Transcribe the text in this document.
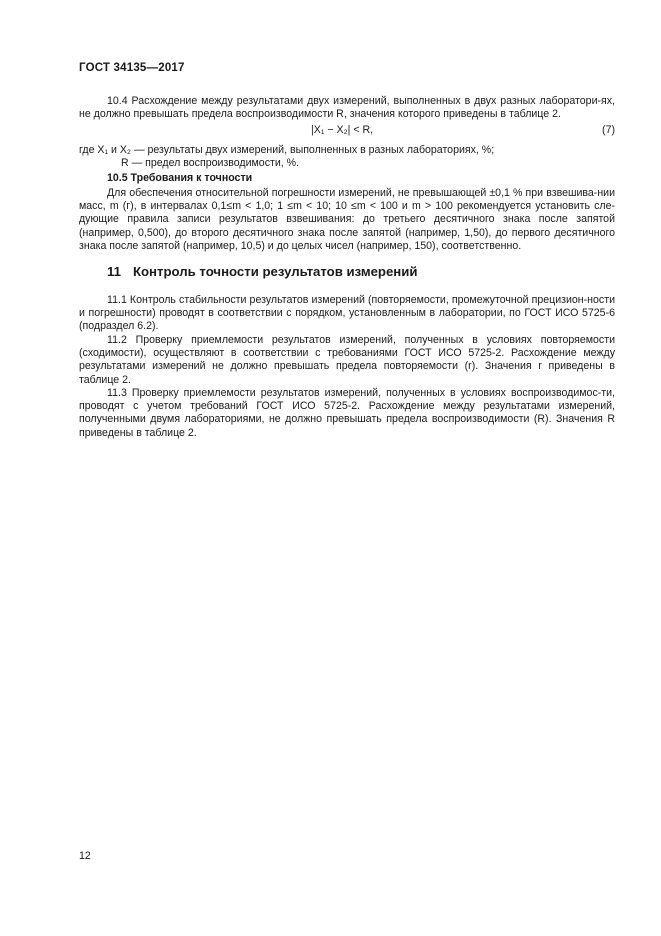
ГОСТ 34135—2017

10.4 Расхождение между результатами двух измерений, выполненных в двух разных лаборатори-ях, не должно превышать предела воспроизводимости R, значения которого приведены в таблице 2.

|X₁ − X₂| < R,	(7)
где X₁ и X₂ — результаты двух измерений, выполненных в разных лабораториях, %;
R — предел воспроизводимости, %.
10.5 Требования к точности

Для обеспечения относительной погрешности измерений, не превышающей ±0,1 % при взвешива-нии масс, m (г), в интервалах 0,1≤m < 1,0; 1 ≤m < 10; 10 ≤m < 100 и m > 100 рекомендуется установить сле-дующие правила записи результатов взвешивания: до третьего десятичного знака после запятой (например, 0,500), до второго десятичного знака после запятой (например, 1,50), до первого десятичного знака после запятой (например, 10,5) и до целых чисел (например, 150), соответственно.

11 Контроль точности результатов измерений

11.1 Контроль стабильности результатов измерений (повторяемости, промежуточной прецизион-ности и погрешности) проводят в соответствии с порядком, установленным в лаборатории, по ГОСТ ИСО 5725-6 (подраздел 6.2).

11.2 Проверку приемлемости результатов измерений, полученных в условиях повторяемости (сходимости), осуществляют в соответствии с требованиями ГОСТ ИСО 5725-2. Расхождение между результатами измерений не должно превышать предела повторяемости (r). Значения r приведены в таблице 2.

11.3 Проверку приемлемости результатов измерений, полученных в условиях воспроизводимос-ти, проводят с учетом требований ГОСТ ИСО 5725-2. Расхождение между результатами измерений, полученными двумя лабораториями, не должно превышать предела воспроизводимости (R). Значения R приведены в таблице 2.

12
